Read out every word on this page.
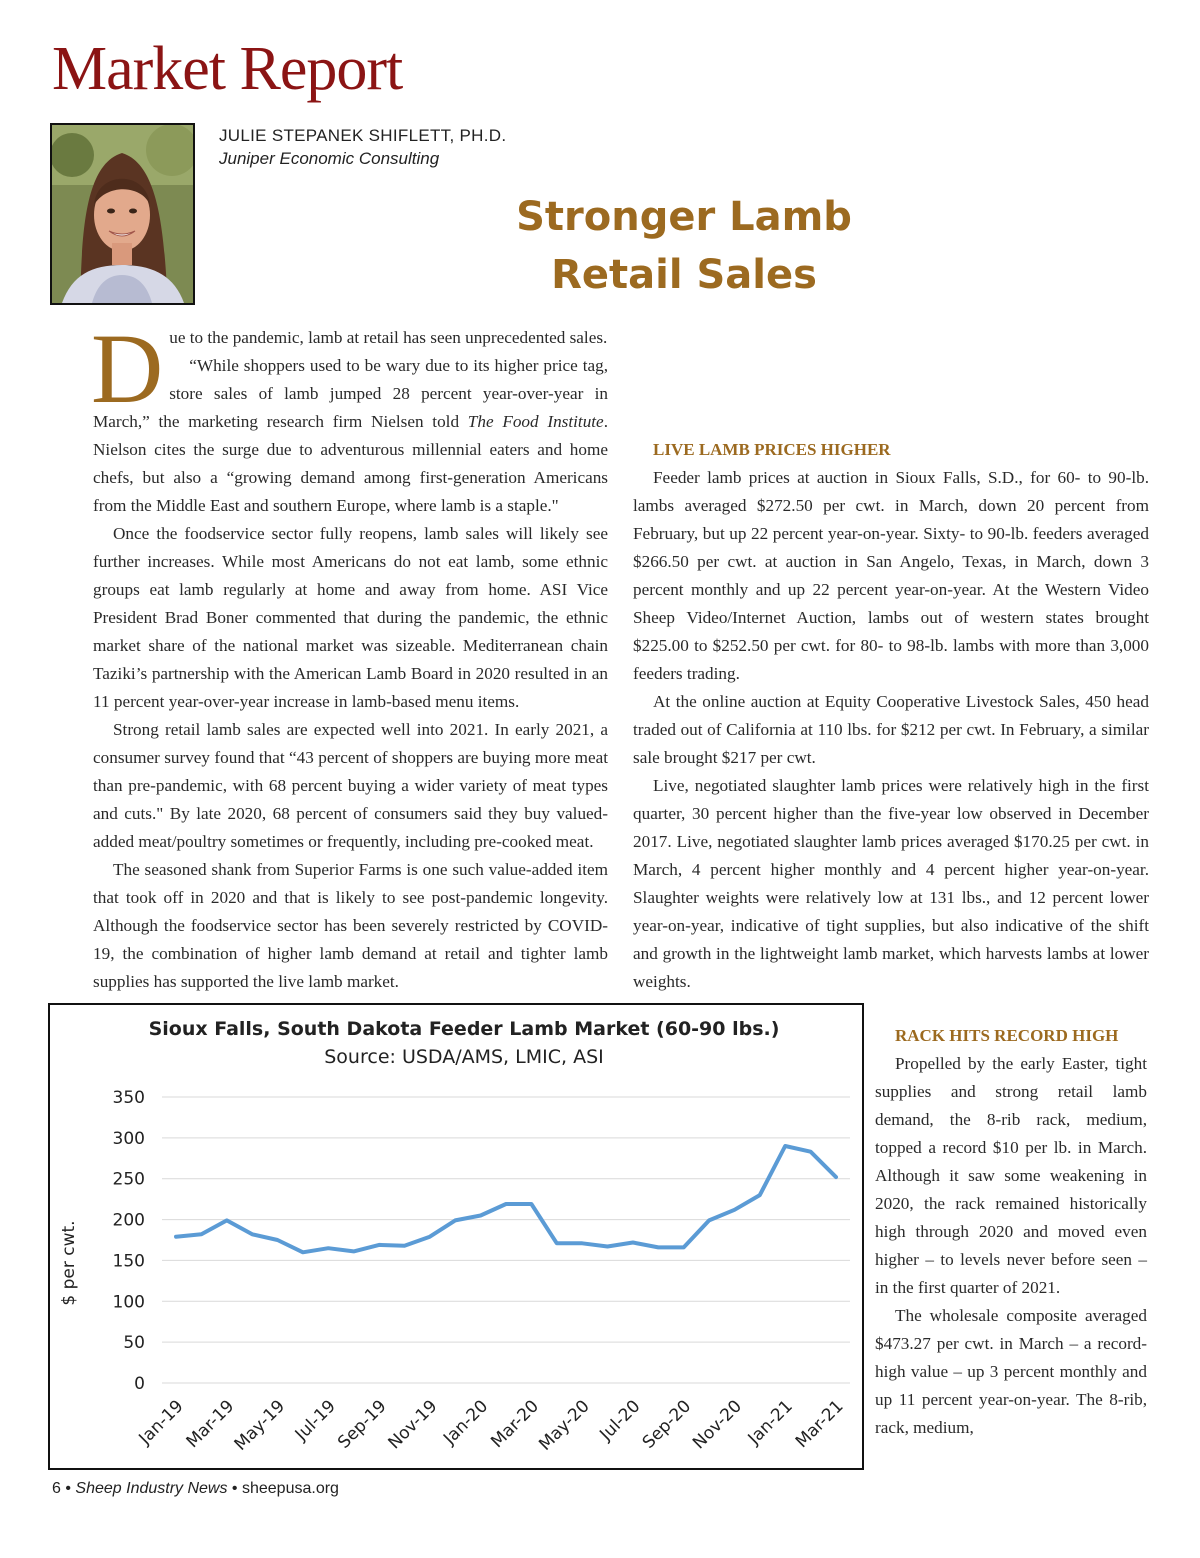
Market Report
JULIE STEPANEK SHIFLETT, PH.D.
Juniper Economic Consulting
Stronger Lamb
Retail Sales

Due to the pandemic, lamb at retail has seen unprecedented sales.

“While shoppers used to be wary due to its higher price tag, store sales of lamb jumped 28 percent year-over-year in March,” the marketing research firm Nielsen told The Food Institute. Nielson cites the surge due to adventurous millennial eaters and home chefs, but also a “growing demand among first-generation Americans from the Middle East and southern Europe, where lamb is a staple."

Once the foodservice sector fully reopens, lamb sales will likely see further increases. While most Americans do not eat lamb, some ethnic groups eat lamb regularly at home and away from home. ASI Vice President Brad Boner commented that during the pandemic, the ethnic market share of the national market was sizeable. Mediterranean chain Taziki’s partnership with the American Lamb Board in 2020 resulted in an 11 percent year-over-year increase in lamb-based menu items.

Strong retail lamb sales are expected well into 2021. In early 2021, a consumer survey found that “43 percent of shoppers are buying more meat than pre-pandemic, with 68 percent buying a wider variety of meat types and cuts." By late 2020, 68 percent of consumers said they buy valued-added meat/poultry sometimes or frequently, including pre-cooked meat.

The seasoned shank from Superior Farms is one such value-added item that took off in 2020 and that is likely to see post-pandemic longevity. Although the foodservice sector has been severely restricted by COVID-19, the combination of higher lamb demand at retail and tighter lamb supplies has supported the live lamb market.

LIVE LAMB PRICES HIGHER

Feeder lamb prices at auction in Sioux Falls, S.D., for 60- to 90-lb. lambs averaged $272.50 per cwt. in March, down 20 percent from February, but up 22 percent year-on-year. Sixty- to 90-lb. feeders averaged $266.50 per cwt. at auction in San Angelo, Texas, in March, down 3 percent monthly and up 22 percent year-on-year. At the Western Video Sheep Video/Internet Auction, lambs out of western states brought $225.00 to $252.50 per cwt. for 80- to 98-lb. lambs with more than 3,000 feeders trading.

At the online auction at Equity Cooperative Livestock Sales, 450 head traded out of California at 110 lbs. for $212 per cwt. In February, a similar sale brought $217 per cwt.

Live, negotiated slaughter lamb prices were relatively high in the first quarter, 30 percent higher than the five-year low observed in December 2017. Live, negotiated slaughter lamb prices averaged $170.25 per cwt. in March, 4 percent higher monthly and 4 percent higher year-on-year. Slaughter weights were relatively low at 131 lbs., and 12 percent lower year-on-year, indicative of tight supplies, but also indicative of the shift and growth in the lightweight lamb market, which harvests lambs at lower weights.

RACK HITS RECORD HIGH

Propelled by the early Easter, tight supplies and strong retail lamb demand, the 8-rib rack, medium, topped a record $10 per lb. in March. Although it saw some weakening in 2020, the rack remained historically high through 2020 and moved even higher – to levels never before seen – in the first quarter of 2021.

The wholesale composite averaged $473.27 per cwt. in March – a record-high value – up 3 percent monthly and up 11 percent year-on-year. The 8-rib, rack, medium,

Sioux Falls, South Dakota Feeder Lamb Market (60-90 lbs.)
Source: USDA/AMS, LMIC, ASI
$ per cwt.
0
50
100
150
200
250
300
350
Jan-19
Mar-19
May-19 Jul-19
Sep-19
Nov-19
Jan-20
Mar-20
May-20 Jul-20
Sep-20
Nov-20
Jan-21
Mar-21
6 • Sheep Industry News • sheepusa.org
